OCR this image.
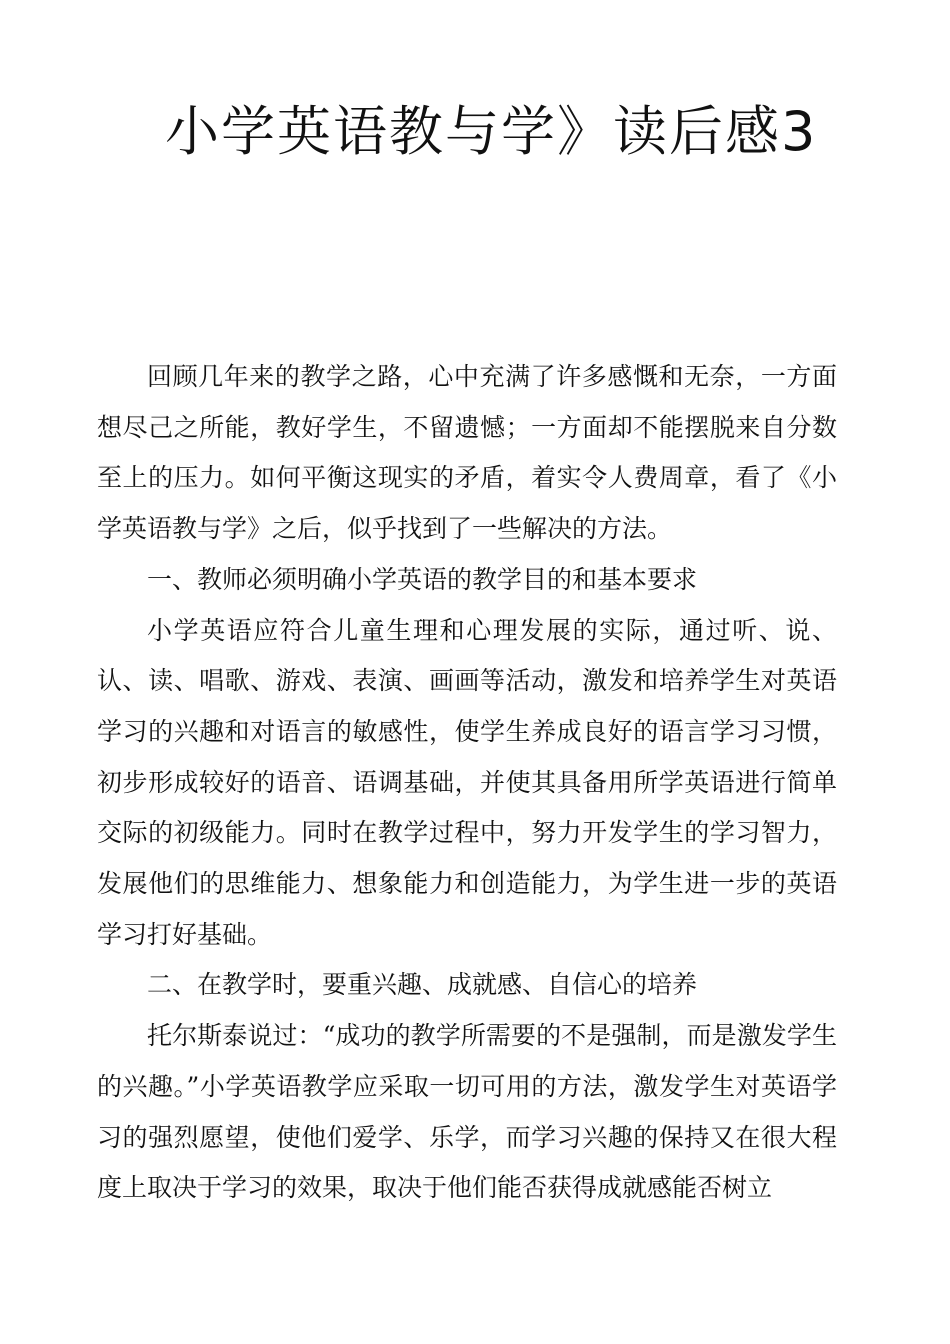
小学英语教与学》读后感3

回顾几年来的教学之路，心中充满了许多感慨和无奈，一方面想尽己之所能，教好学生，不留遗憾；一方面却不能摆脱来自分数至上的压力。如何平衡这现实的矛盾，着实令人费周章，看了《小学英语教与学》之后，似乎找到了一些解决的方法。

一、教师必须明确小学英语的教学目的和基本要求

小学英语应符合儿童生理和心理发展的实际，通过听、说、认、读、唱歌、游戏、表演、画画等活动，激发和培养学生对英语学习的兴趣和对语言的敏感性，使学生养成良好的语言学习习惯，初步形成较好的语音、语调基础，并使其具备用所学英语进行简单交际的初级能力。同时在教学过程中，努力开发学生的学习智力，发展他们的思维能力、想象能力和创造能力，为学生进一步的英语学习打好基础。

二、在教学时，要重兴趣、成就感、自信心的培养

托尔斯泰说过：“成功的教学所需要的不是强制，而是激发学生的兴趣。”小学英语教学应采取一切可用的方法，激发学生对英语学习的强烈愿望，使他们爱学、乐学，而学习兴趣的保持又在很大程度上取决于学习的效果，取决于他们能否获得成就感能否树立
